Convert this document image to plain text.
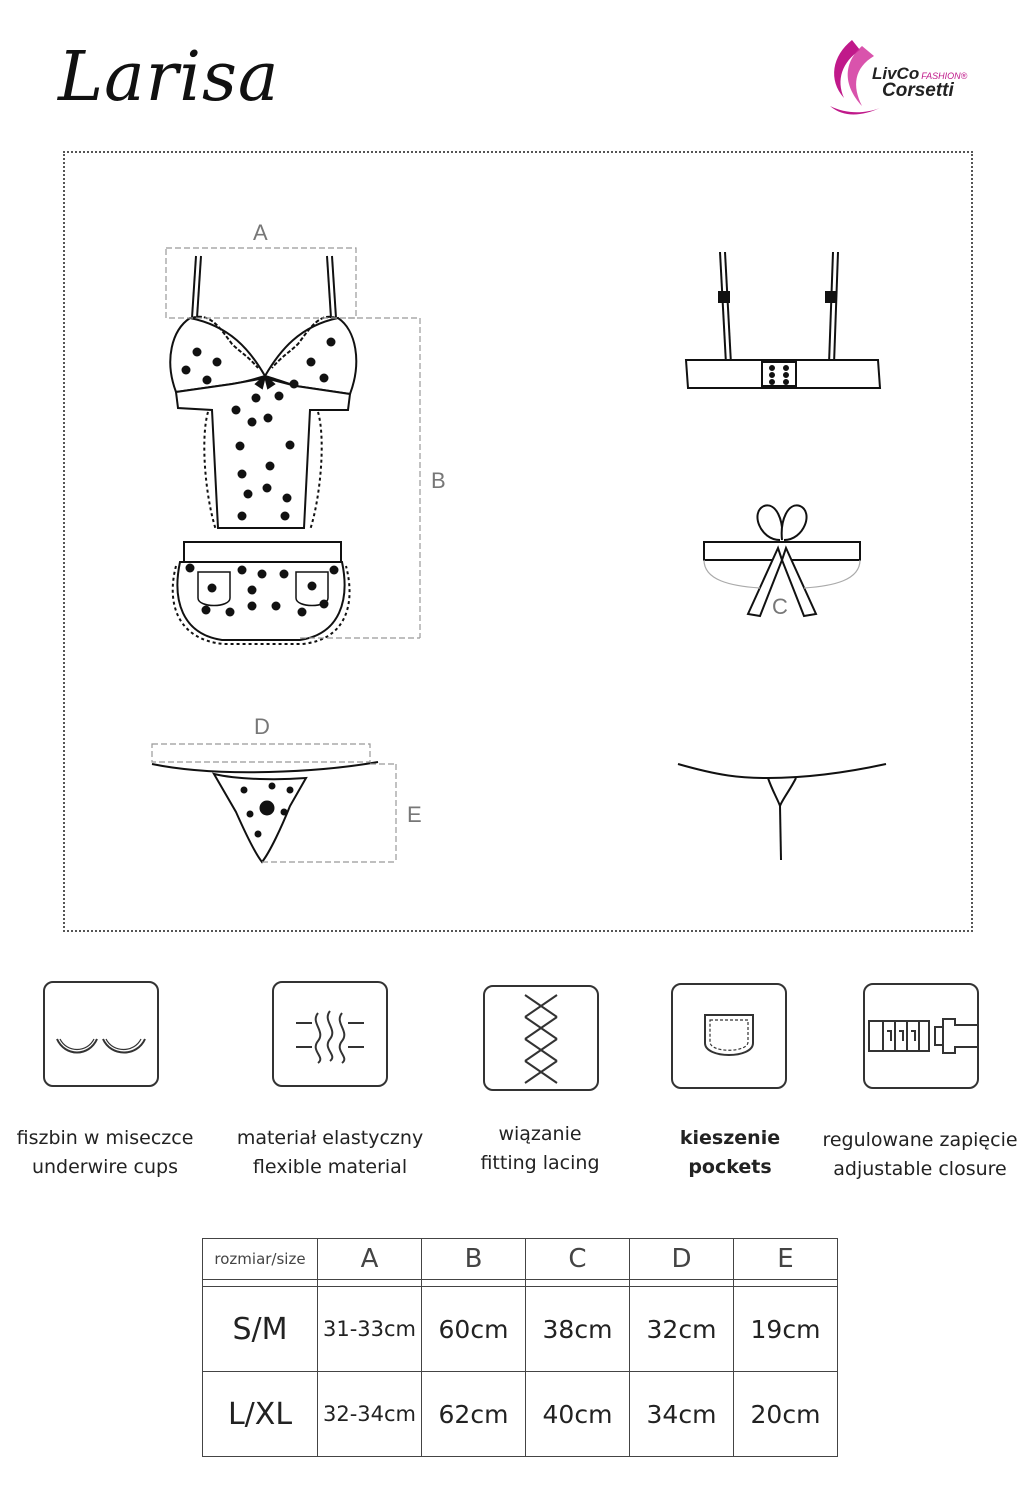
Larisa	LivCo FASHION®
Corsetti
A
B
C
D
E
fiszbin w miseczce
underwire cups
materiał elastyczny
flexible material
wiązanie
fitting lacing
kieszenie
pockets
regulowane zapięcie
adjustable closure
rozmiar/size	A	B	C	D	E

S/M	31-33cm	60cm	38cm	32cm	19cm
L/XL	32-34cm	62cm	40cm	34cm	20cm
